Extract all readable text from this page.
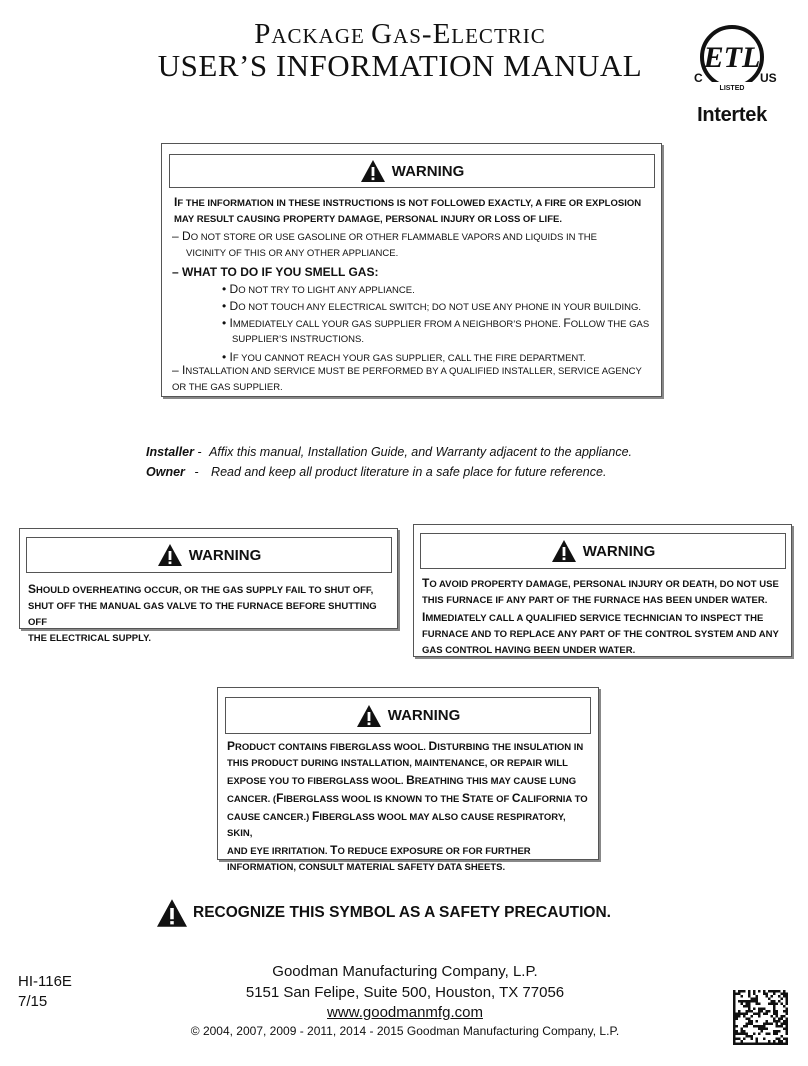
PACKAGE GAS-ELECTRIC
USER’S INFORMATION MANUAL	ETL
LISTED
C	US
Intertek
WARNING
IF THE INFORMATION IN THESE INSTRUCTIONS IS NOT FOLLOWED EXACTLY, A FIRE OR EXPLOSION
MAY RESULT CAUSING PROPERTY DAMAGE, PERSONAL INJURY OR LOSS OF LIFE.
– DO NOT STORE OR USE GASOLINE OR OTHER FLAMMABLE VAPORS AND LIQUIDS IN THE
VICINITY OF THIS OR ANY OTHER APPLIANCE.
– WHAT TO DO IF YOU SMELL GAS:
• DO NOT TRY TO LIGHT ANY APPLIANCE.
• DO NOT TOUCH ANY ELECTRICAL SWITCH; DO NOT USE ANY PHONE IN YOUR BUILDING.
• IMMEDIATELY CALL YOUR GAS SUPPLIER FROM A NEIGHBOR’S PHONE. FOLLOW THE GAS
SUPPLIER’S INSTRUCTIONS.
• IF YOU CANNOT REACH YOUR GAS SUPPLIER, CALL THE FIRE DEPARTMENT.
– INSTALLATION AND SERVICE MUST BE PERFORMED BY A QUALIFIED INSTALLER, SERVICE AGENCY
OR THE GAS SUPPLIER.
Installer - Affix this manual, Installation Guide, and Warranty adjacent to the appliance.
Owner - Read and keep all product literature in a safe place for future reference.
WARNING
SHOULD OVERHEATING OCCUR, OR THE GAS SUPPLY FAIL TO SHUT OFF,
SHUT OFF THE MANUAL GAS VALVE TO THE FURNACE BEFORE SHUTTING OFF
THE ELECTRICAL SUPPLY.
WARNING
TO AVOID PROPERTY DAMAGE, PERSONAL INJURY OR DEATH, DO NOT USE
THIS FURNACE IF ANY PART OF THE FURNACE HAS BEEN UNDER WATER.
IMMEDIATELY CALL A QUALIFIED SERVICE TECHNICIAN TO INSPECT THE
FURNACE AND TO REPLACE ANY PART OF THE CONTROL SYSTEM AND ANY
GAS CONTROL HAVING BEEN UNDER WATER.
WARNING
PRODUCT CONTAINS FIBERGLASS WOOL. DISTURBING THE INSULATION IN
THIS PRODUCT DURING INSTALLATION, MAINTENANCE, OR REPAIR WILL
EXPOSE YOU TO FIBERGLASS WOOL. BREATHING THIS MAY CAUSE LUNG
CANCER. (FIBERGLASS WOOL IS KNOWN TO THE STATE OF CALIFORNIA TO
CAUSE CANCER.) FIBERGLASS WOOL MAY ALSO CAUSE RESPIRATORY, SKIN,
AND EYE IRRITATION. TO REDUCE EXPOSURE OR FOR FURTHER
INFORMATION, CONSULT MATERIAL SAFETY DATA SHEETS.
RECOGNIZE THIS SYMBOL AS A SAFETY PRECAUTION.
HI-116E
7/15
Goodman Manufacturing Company, L.P.
5151 San Felipe, Suite 500, Houston, TX 77056
www.goodmanmfg.com
© 2004, 2007, 2009 - 2011, 2014 - 2015 Goodman Manufacturing Company, L.P.
